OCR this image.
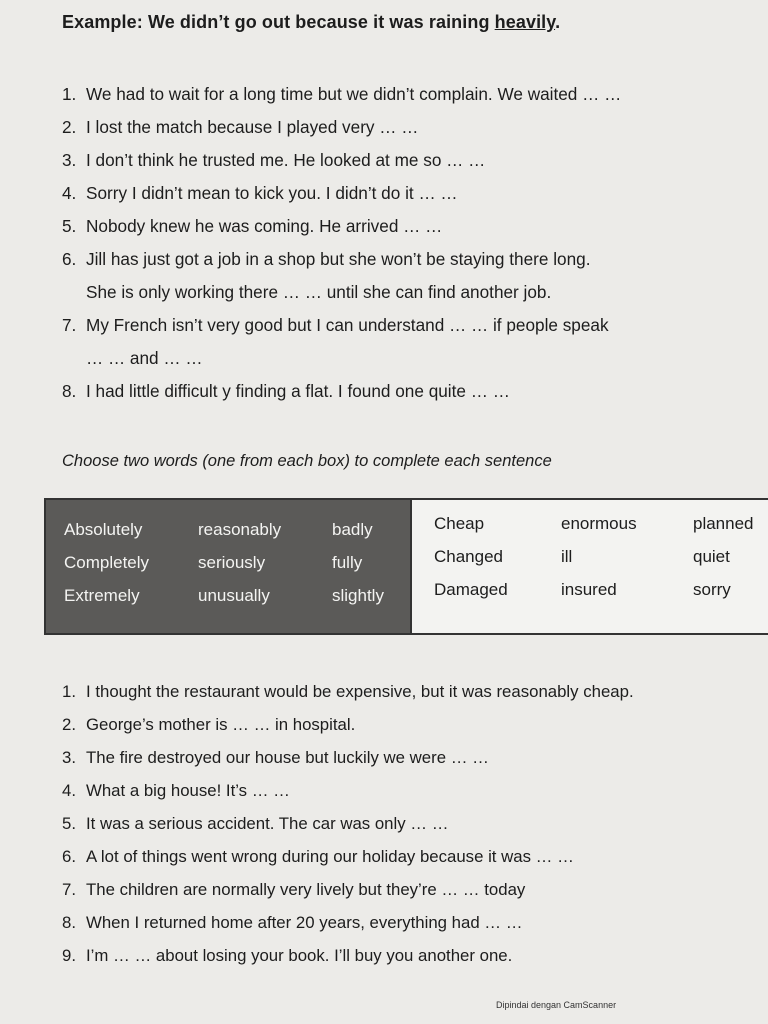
Example: We didn’t go out because it was raining heavily.
1. We had to wait for a long time but we didn’t complain. We waited … …
2. I lost the match because I played very … …
3. I don’t think he trusted me. He looked at me so … …
4. Sorry I didn’t mean to kick you. I didn’t do it … …
5. Nobody knew he was coming. He arrived … …
6. Jill has just got a job in a shop but she won’t be staying there long.
She is only working there … … until she can find another job.
7. My French isn’t very good but I can understand … … if people speak
… … and … …
8. I had little difficult y finding a flat. I found one quite … …
Choose two words (one from each box) to complete each sentence
Absolutely	reasonably	badly
Completely	seriously	fully
Extremely	unusually	slightly
Cheap	enormous	planned
Changed	ill	quiet
Damaged	insured	sorry
1. I thought the restaurant would be expensive, but it was reasonably cheap.
2. George’s mother is … … in hospital.
3. The fire destroyed our house but luckily we were … …
4. What a big house! It’s … …
5. It was a serious accident. The car was only … …
6. A lot of things went wrong during our holiday because it was … …
7. The children are normally very lively but they’re … … today
8. When I returned home after 20 years, everything had … …
9. I’m … … about losing your book. I’ll buy you another one.
Dipindai dengan CamScanner
